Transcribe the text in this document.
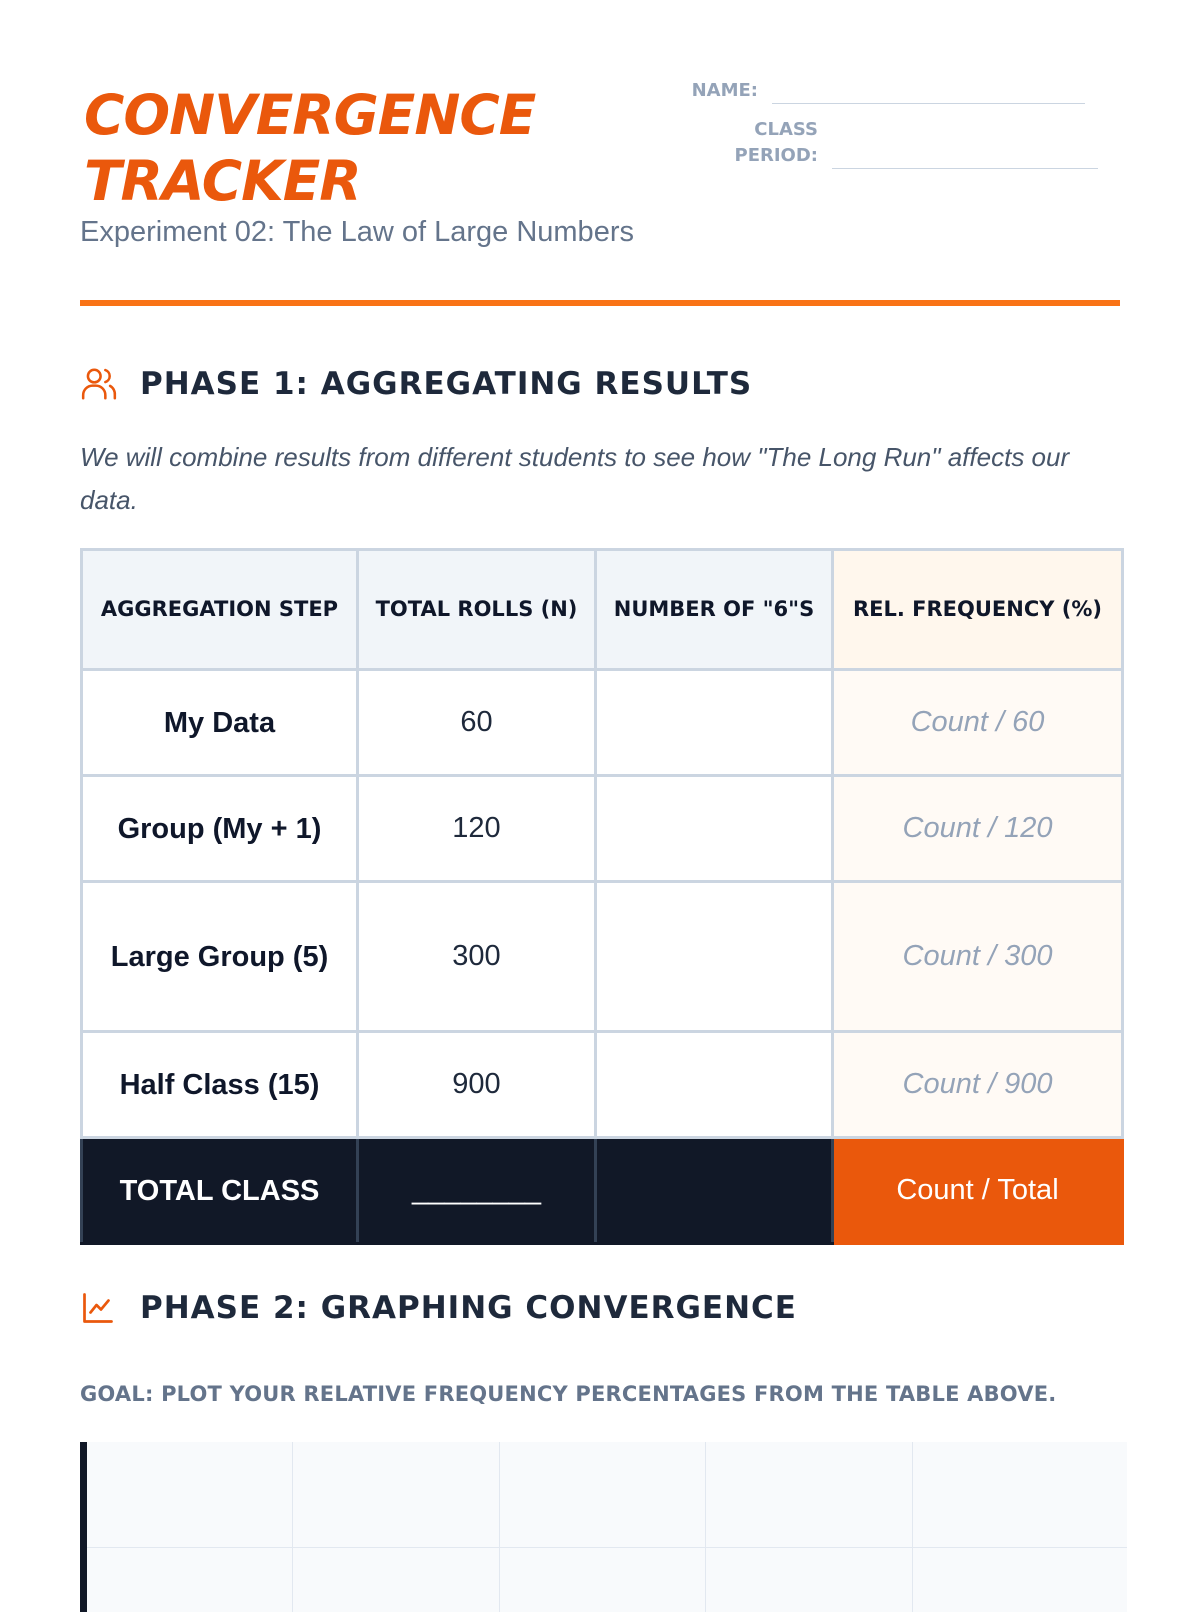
CONVERGENCE
TRACKER
Experiment 02: The Law of Large Numbers
NAME:
CLASS
PERIOD:
PHASE 1: AGGREGATING RESULTS
We will combine results from different students to see how "The Long Run" affects our data.
AGGREGATION STEP	TOTAL ROLLS (N)	NUMBER OF "6"S	REL. FREQUENCY (%)
My Data	60		Count / 60
Group (My + 1)	120		Count / 120
Large Group (5)	300		Count / 300
Half Class (15)	900		Count / 900
TOTAL CLASS	________		Count / Total
PHASE 2: GRAPHING CONVERGENCE
GOAL: PLOT YOUR RELATIVE FREQUENCY PERCENTAGES FROM THE TABLE ABOVE.
